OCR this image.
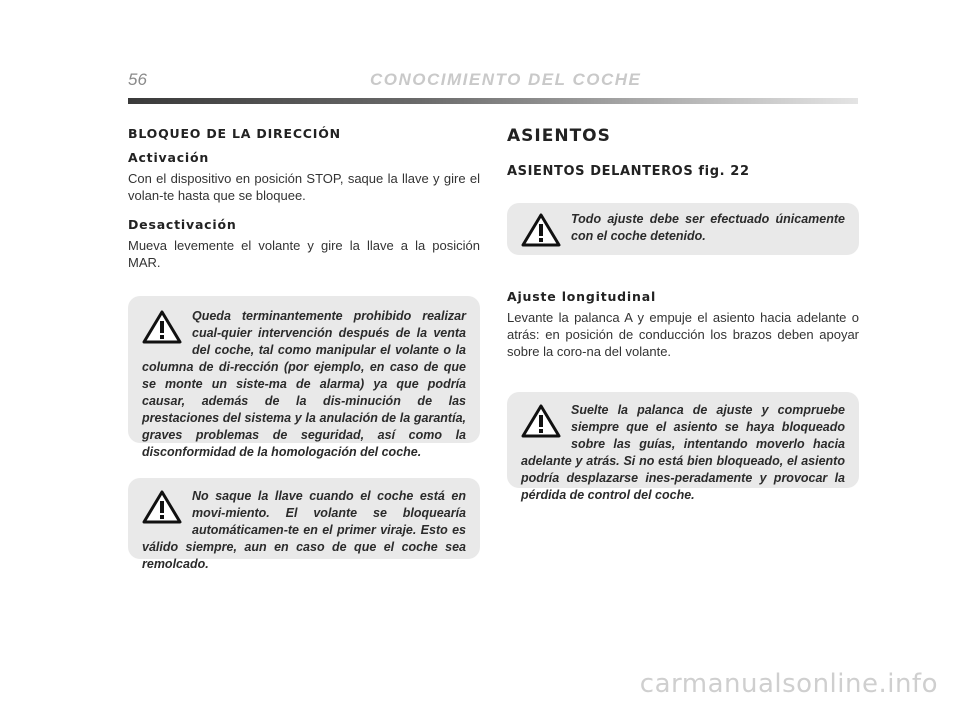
56	CONOCIMIENTO DEL COCHE

BLOQUEO DE LA DIRECCIÓN

Activación

Con el dispositivo en posición STOP, saque la llave y gire el volan-te hasta que se bloquee.

Desactivación

Mueva levemente el volante y gire la llave a la posición MAR.

Queda terminantemente prohibido realizar cual-quier intervención después de la venta del coche, tal como manipular el volante o la columna de di-rección (por ejemplo, en caso de que se monte un siste-ma de alarma) ya que podría causar, además de la dis-minución de las prestaciones del sistema y la anulación de la garantía, graves problemas de seguridad, así como la disconformidad de la homologación del coche.

No saque la llave cuando el coche está en movi-miento. El volante se bloquearía automáticamen-te en el primer viraje. Esto es válido siempre, aun en caso de que el coche sea remolcado.

ASIENTOS

ASIENTOS DELANTEROS fig. 22

Todo ajuste debe ser efectuado únicamente con el coche detenido.

Ajuste longitudinal

Levante la palanca A y empuje el asiento hacia adelante o atrás: en posición de conducción los brazos deben apoyar sobre la coro-na del volante.

Suelte la palanca de ajuste y compruebe siempre que el asiento se haya bloqueado sobre las guías, intentando moverlo hacia adelante y atrás. Si no está bien bloqueado, el asiento podría desplazarse ines-peradamente y provocar la pérdida de control del coche.

carmanualsonline.info
